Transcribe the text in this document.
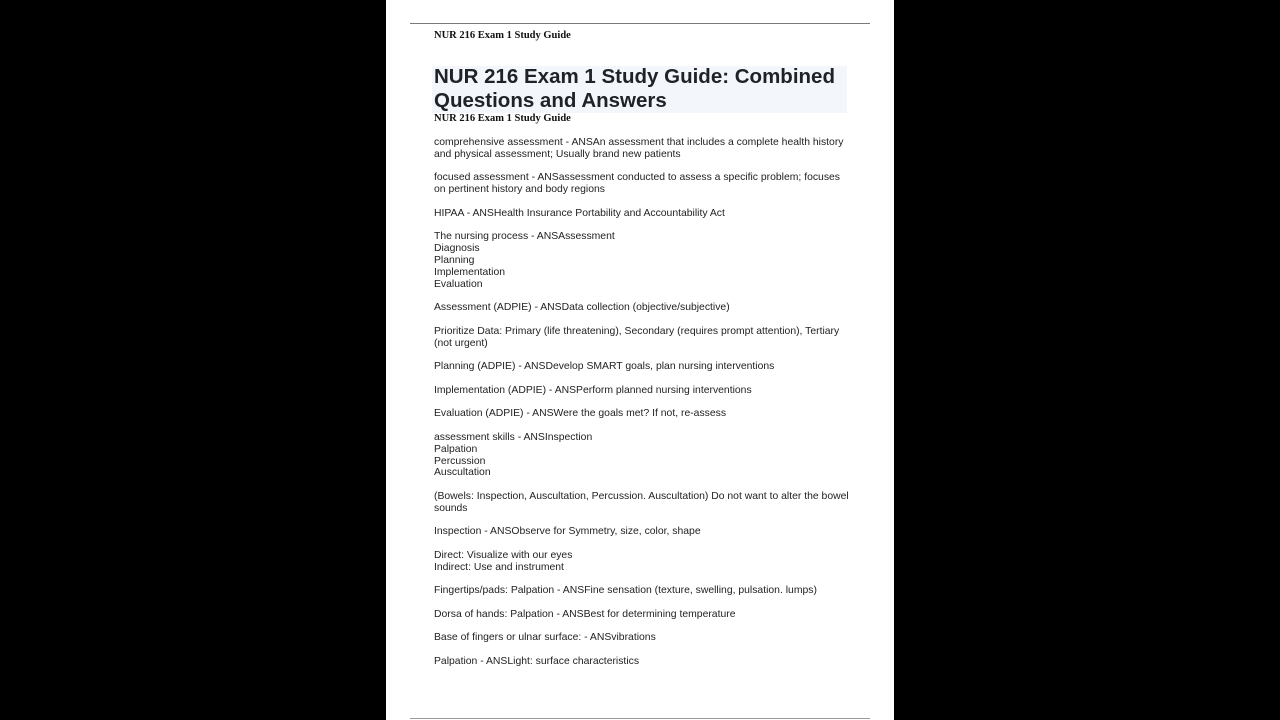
NUR 216 Exam 1 Study Guide
NUR 216 Exam 1 Study Guide: Combined
Questions and Answers
NUR 216 Exam 1 Study Guide
comprehensive assessment - ANSAn assessment that includes a complete health history
and physical assessment; Usually brand new patients
focused assessment - ANSassessment conducted to assess a specific problem; focuses
on pertinent history and body regions
HIPAA - ANSHealth Insurance Portability and Accountability Act
The nursing process - ANSAssessment
Diagnosis
Planning
Implementation
Evaluation
Assessment (ADPIE) - ANSData collection (objective/subjective)
Prioritize Data: Primary (life threatening), Secondary (requires prompt attention), Tertiary
(not urgent)
Planning (ADPIE) - ANSDevelop SMART goals, plan nursing interventions
Implementation (ADPIE) - ANSPerform planned nursing interventions
Evaluation (ADPIE) - ANSWere the goals met? If not, re-assess
assessment skills - ANSInspection
Palpation
Percussion
Auscultation
(Bowels: Inspection, Auscultation, Percussion. Auscultation) Do not want to alter the bowel
sounds
Inspection - ANSObserve for Symmetry, size, color, shape
Direct: Visualize with our eyes
Indirect: Use and instrument
Fingertips/pads: Palpation - ANSFine sensation (texture, swelling, pulsation. lumps)
Dorsa of hands: Palpation - ANSBest for determining temperature
Base of fingers or ulnar surface: - ANSvibrations
Palpation - ANSLight: surface characteristics
